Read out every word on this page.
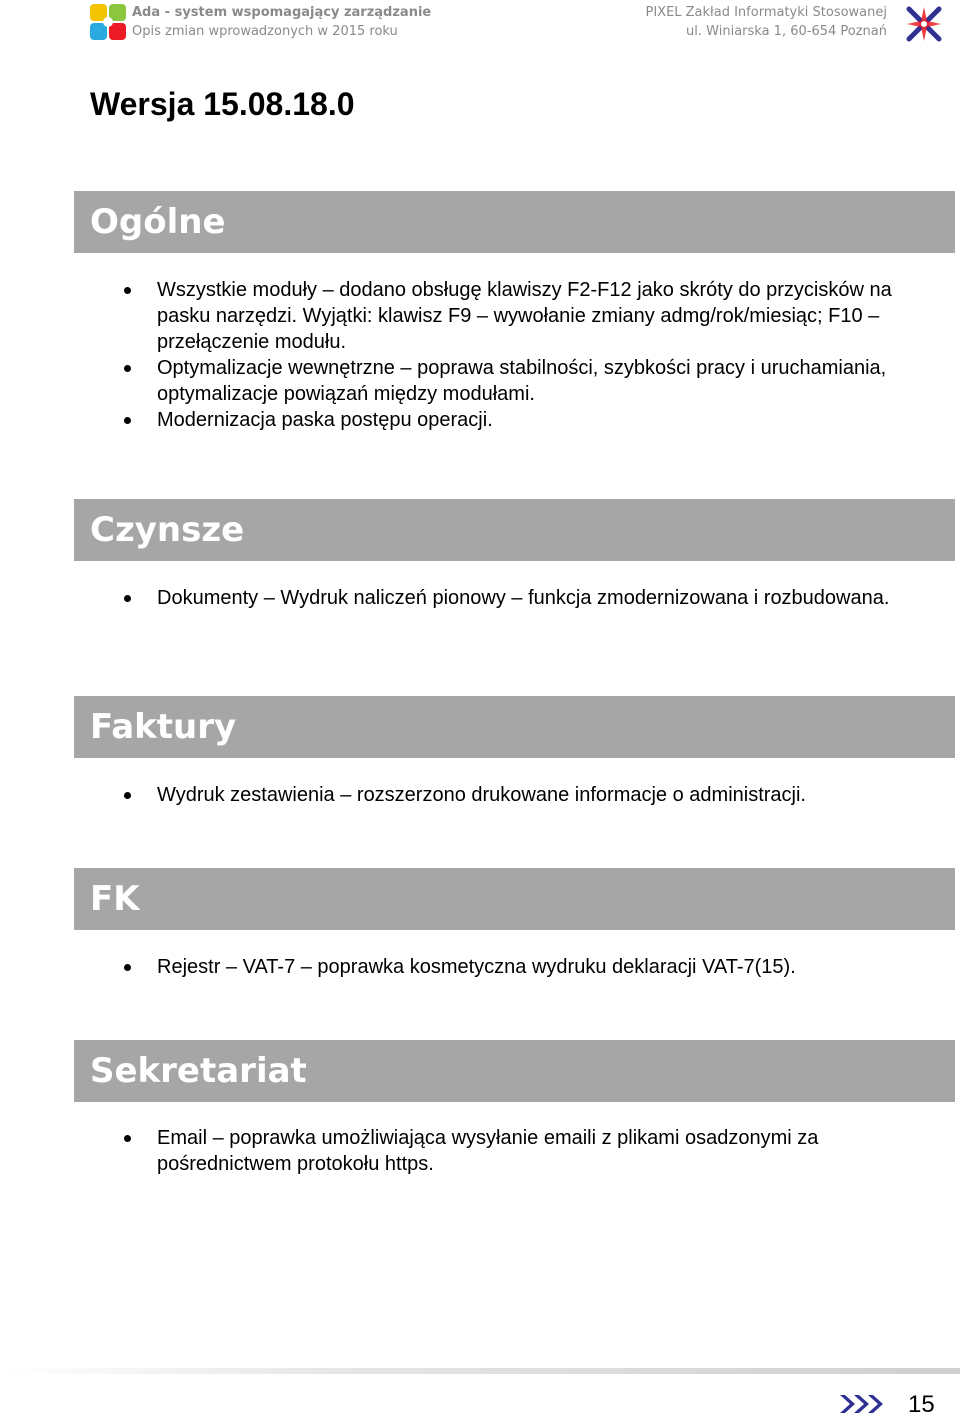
Ada - system wspomagający zarządzanie
Opis zmian wprowadzonych w 2015 roku
PIXEL Zakład Informatyki Stosowanej
ul. Winiarska 1, 60-654 Poznań
Wersja 15.08.18.0
Ogólne
Wszystkie moduły – dodano obsługę klawiszy F2-F12 jako skróty do przycisków na pasku narzędzi. Wyjątki: klawisz F9 – wywołanie zmiany admg/rok/miesiąc; F10 – przełączenie modułu.
Optymalizacje wewnętrzne – poprawa stabilności, szybkości pracy i uruchamiania, optymalizacje powiązań między modułami.
Modernizacja paska postępu operacji.
Czynsze
Dokumenty – Wydruk naliczeń pionowy – funkcja zmodernizowana i rozbudowana.
Faktury
Wydruk zestawienia – rozszerzono drukowane informacje o administracji.
FK
Rejestr – VAT-7 – poprawka kosmetyczna wydruku deklaracji VAT-7(15).
Sekretariat
Email – poprawka umożliwiająca wysyłanie emaili z plikami osadzonymi za pośrednictwem protokołu https.
15
